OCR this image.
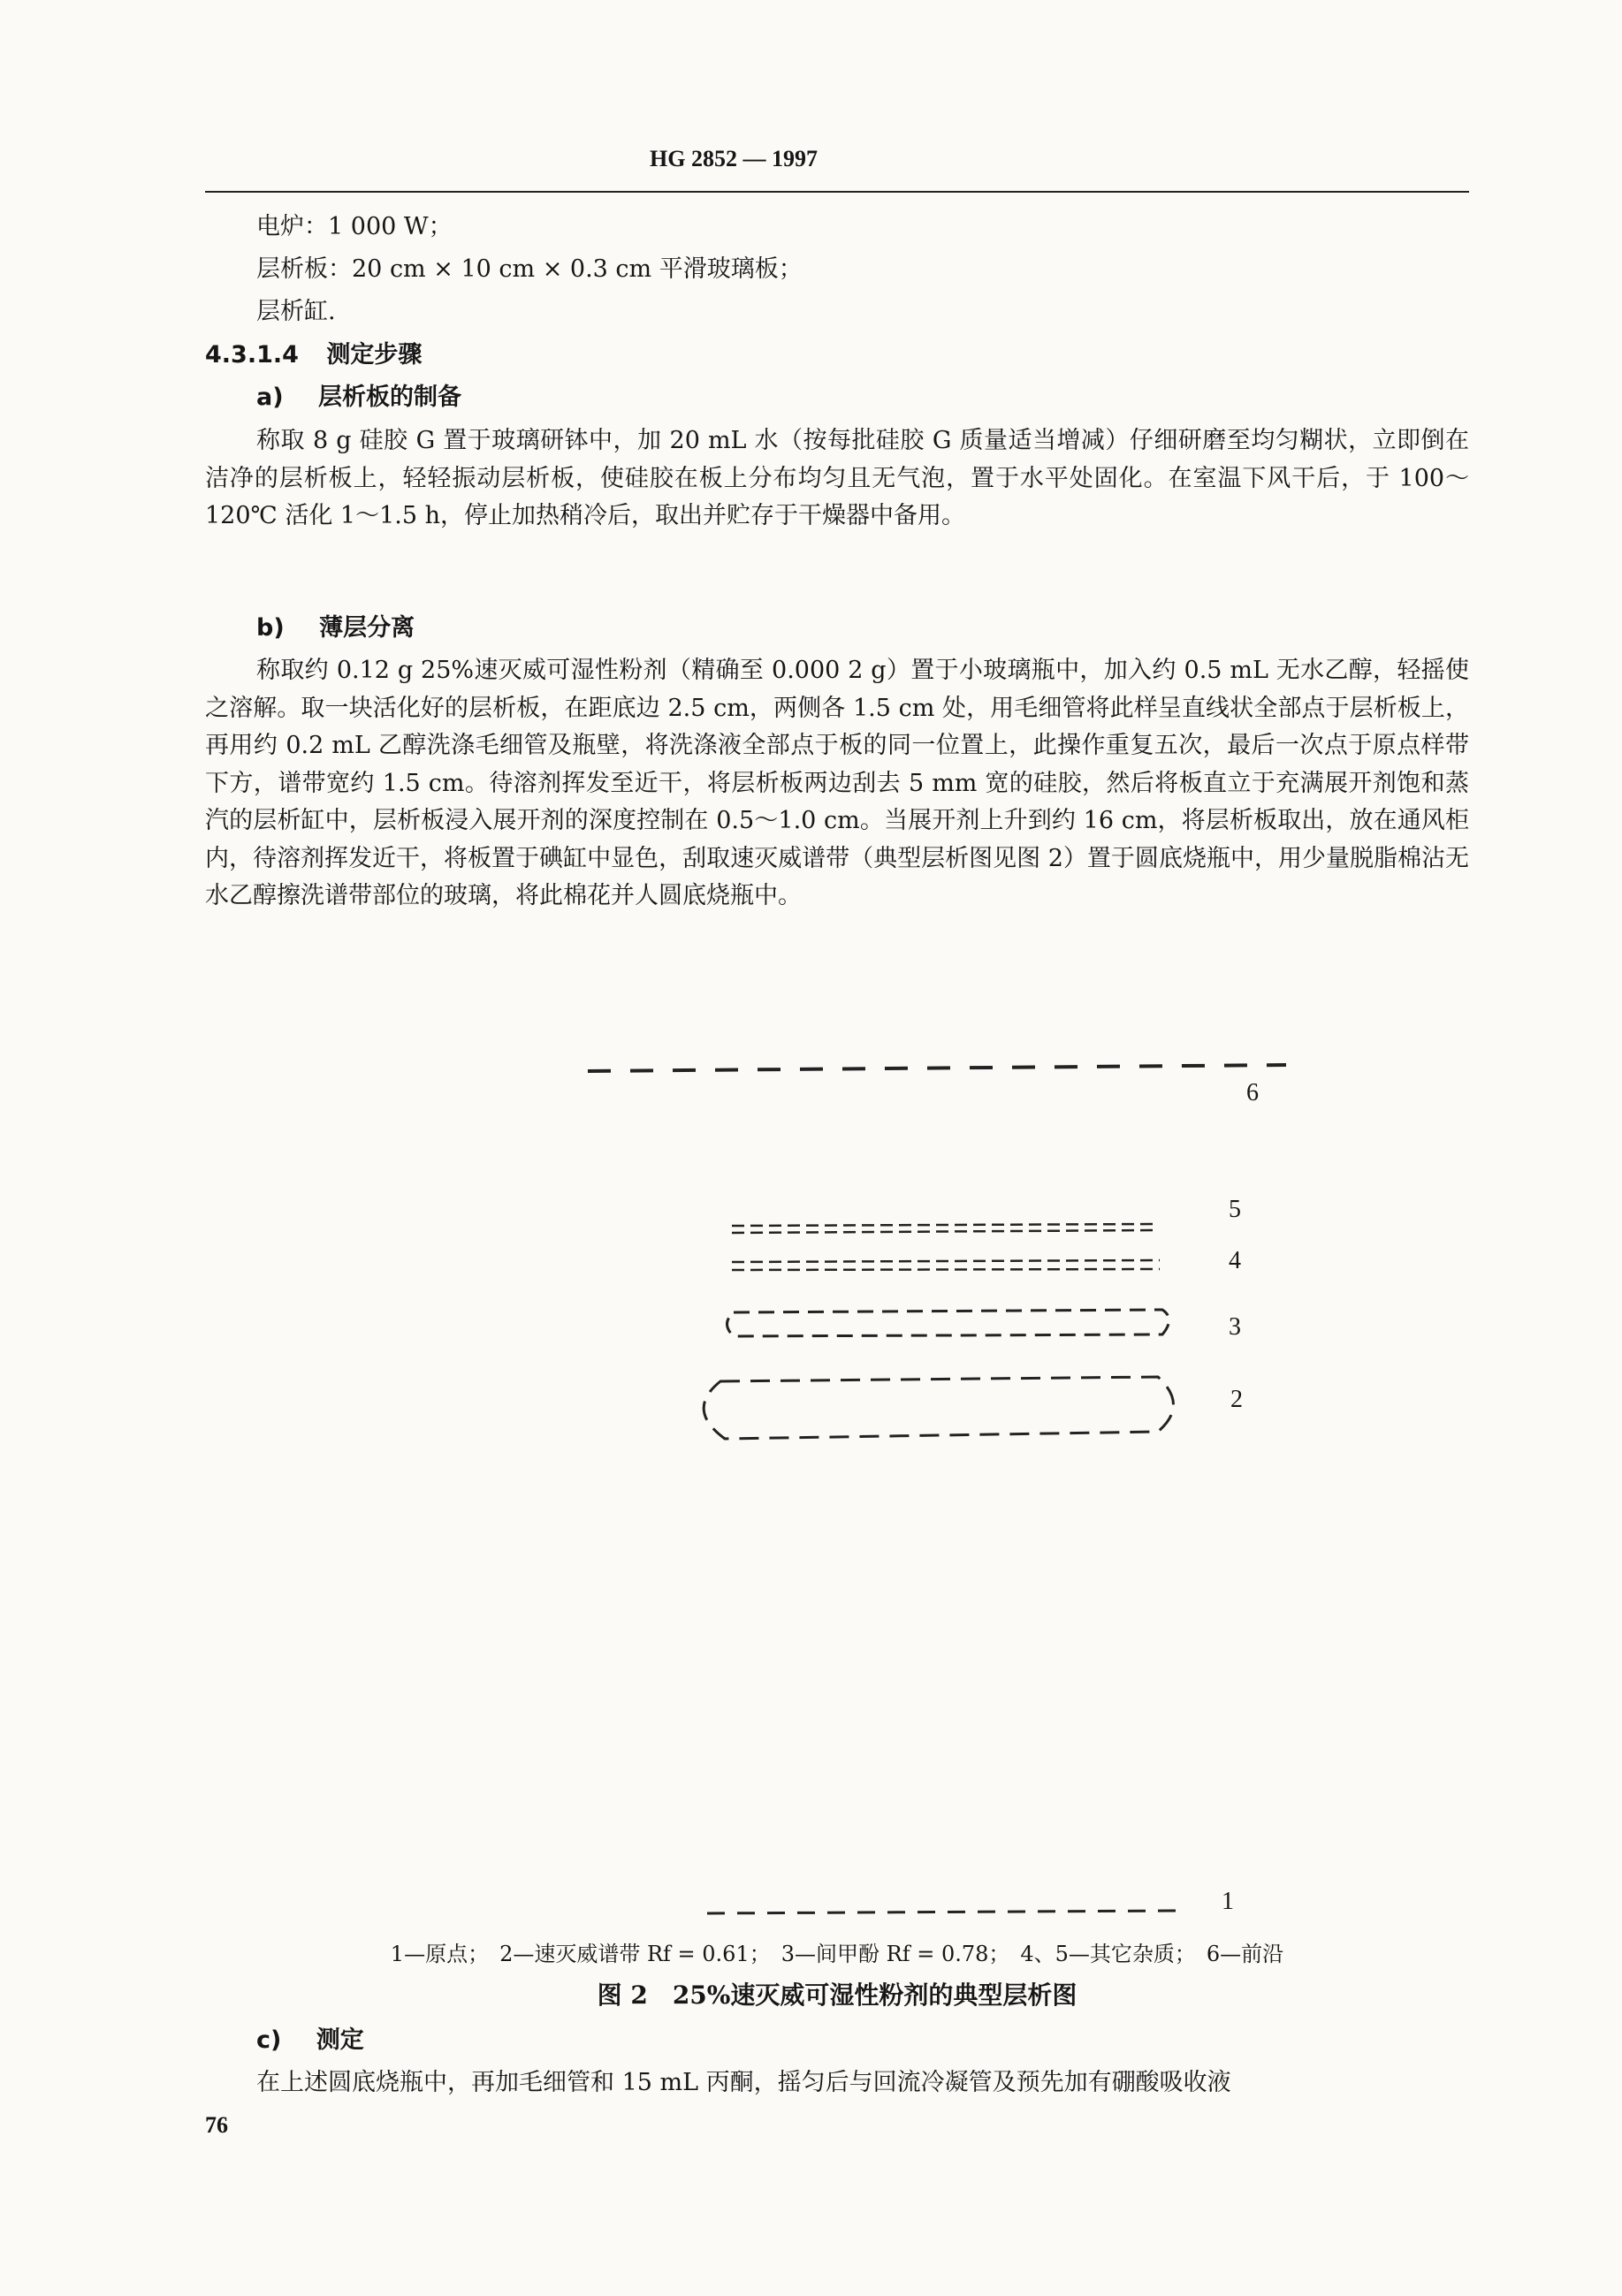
HG 2852 — 1997
电炉：1 000 W；
层析板：20 cm × 10 cm × 0.3 cm 平滑玻璃板；
层析缸.
4.3.1.4 测定步骤
a) 层析板的制备
称取 8 g 硅胶 G 置于玻璃研钵中，加 20 mL 水（按每批硅胶 G 质量适当增减）仔细研磨至均匀糊状，立即倒在洁净的层析板上，轻轻振动层析板，使硅胶在板上分布均匀且无气泡，置于水平处固化。在室温下风干后，于 100～120℃ 活化 1～1.5 h，停止加热稍冷后，取出并贮存于干燥器中备用。
b) 薄层分离
称取约 0.12 g 25%速灭威可湿性粉剂（精确至 0.000 2 g）置于小玻璃瓶中，加入约 0.5 mL 无水乙醇，轻摇使之溶解。取一块活化好的层析板，在距底边 2.5 cm，两侧各 1.5 cm 处，用毛细管将此样呈直线状全部点于层析板上，再用约 0.2 mL 乙醇洗涤毛细管及瓶壁，将洗涤液全部点于板的同一位置上，此操作重复五次，最后一次点于原点样带下方，谱带宽约 1.5 cm。待溶剂挥发至近干，将层析板两边刮去 5 mm 宽的硅胶，然后将板直立于充满展开剂饱和蒸汽的层析缸中，层析板浸入展开剂的深度控制在 0.5～1.0 cm。当展开剂上升到约 16 cm，将层析板取出，放在通风柜内，待溶剂挥发近干，将板置于碘缸中显色，刮取速灭威谱带（典型层析图见图 2）置于圆底烧瓶中，用少量脱脂棉沾无水乙醇擦洗谱带部位的玻璃，将此棉花并人圆底烧瓶中。
6
5
4
3
2
1
1—原点；　2—速灭威谱带 Rf = 0.61；　3—间甲酚 Rf = 0.78；　4、5—其它杂质；　6—前沿
图 2　25%速灭威可湿性粉剂的典型层析图
c) 测定
在上述圆底烧瓶中，再加毛细管和 15 mL 丙酮，摇匀后与回流冷凝管及预先加有硼酸吸收液
76
